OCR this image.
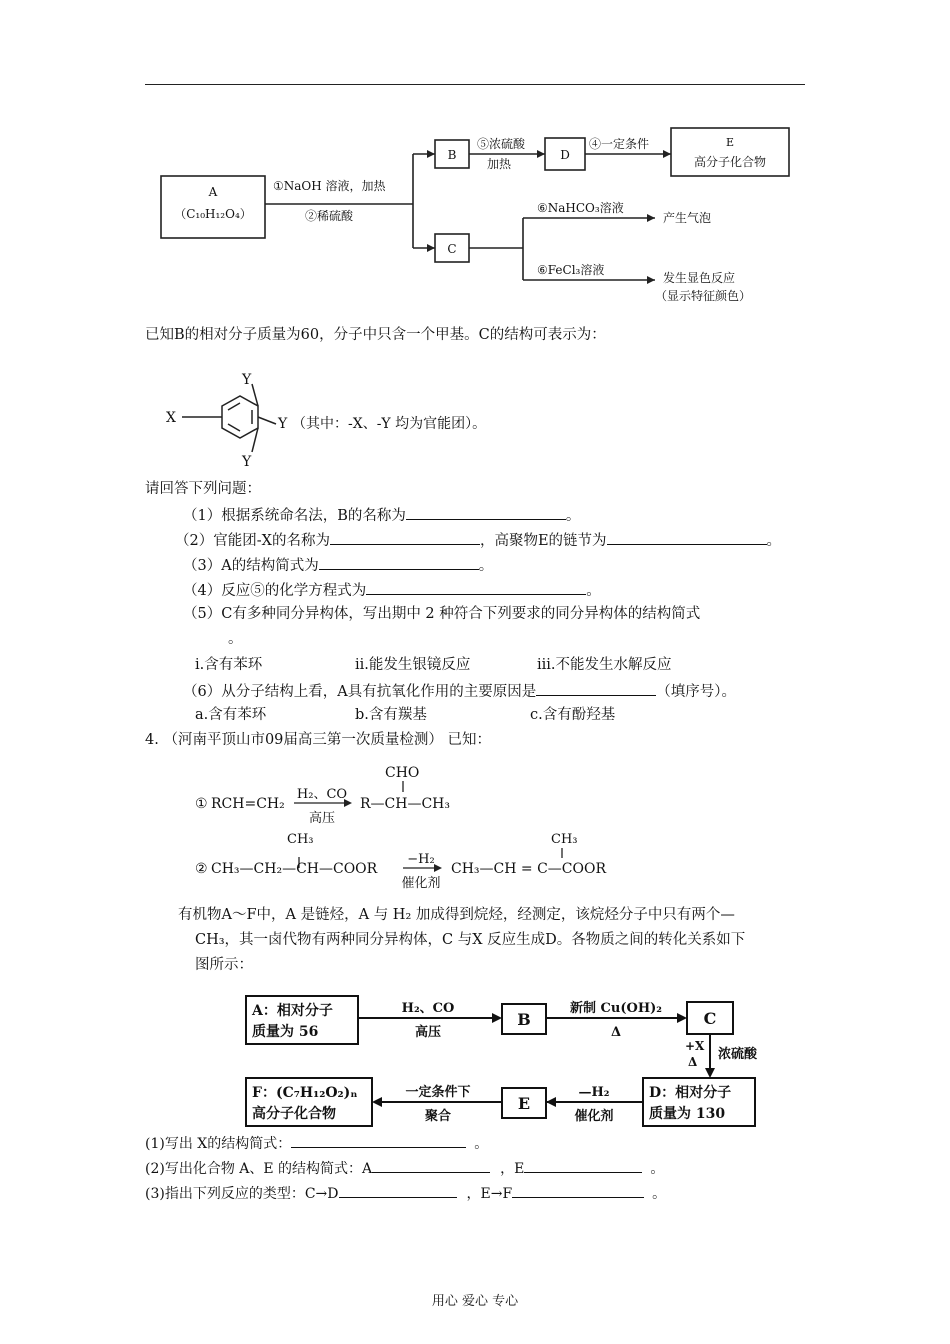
A
（C₁₀H₁₂O₄）
①NaOH 溶液，加热
②稀硫酸
B
⑤浓硫酸
加热
D
④一定条件	E
高分子化合物
C
⑥NaHCO₃溶液
产生气泡
⑥FeCl₃溶液
发生显色反应
（显示特征颜色）
已知B的相对分子质量为60，分子中只含一个甲基。C的结构可表示为：
X
Y
Y
Y
（其中：-X、-Y 均为官能团）。
请回答下列问题：
（1）根据系统命名法，B的名称为	。
（2）官能团-X的名称为	，高聚物E的链节为	。
（3）A的结构简式为	。
（4）反应⑤的化学方程式为	。
（5）C有多种同分异构体，写出期中 2 种符合下列要求的同分异构体的结构简式
。
i.含有苯环	ii.能发生银镜反应	iii.不能发生水解反应
（6）从分子结构上看，A具有抗氧化作用的主要原因是	（填序号）。
a.含有苯环	b.含有羰基	c.含有酚羟基
4. （河南平顶山市09届高三第一次质量检测） 已知：
① RCH=CH₂
H₂、CO
高压
CHO
R—CH—CH₃
②
CH₃
CH₃—CH₂—CH—COOR
−H₂
催化剂
CH₃
CH₃—CH = C—COOR
有机物A～F中，A 是链烃，A 与 H₂ 加成得到烷烃，经测定，该烷烃分子中只有两个—
CH₃，其一卤代物有两种同分异构体，C 与X 反应生成D。各物质之间的转化关系如下
图所示：
A：相对分子
质量为 56
H₂、CO
高压
B
新制 Cu(OH)₂
Δ
C
+X
Δ 浓硫酸
D：相对分子
质量为 130
—H₂
催化剂
E
一定条件下
聚合
F：(C₇H₁₂O₂)ₙ
高分子化合物
(1)写出 X的结构简式：	。
(2)写出化合物 A、E 的结构简式：A	，E	。
(3)指出下列反应的类型：C→D	，E→F	。
用心 爱心 专心
